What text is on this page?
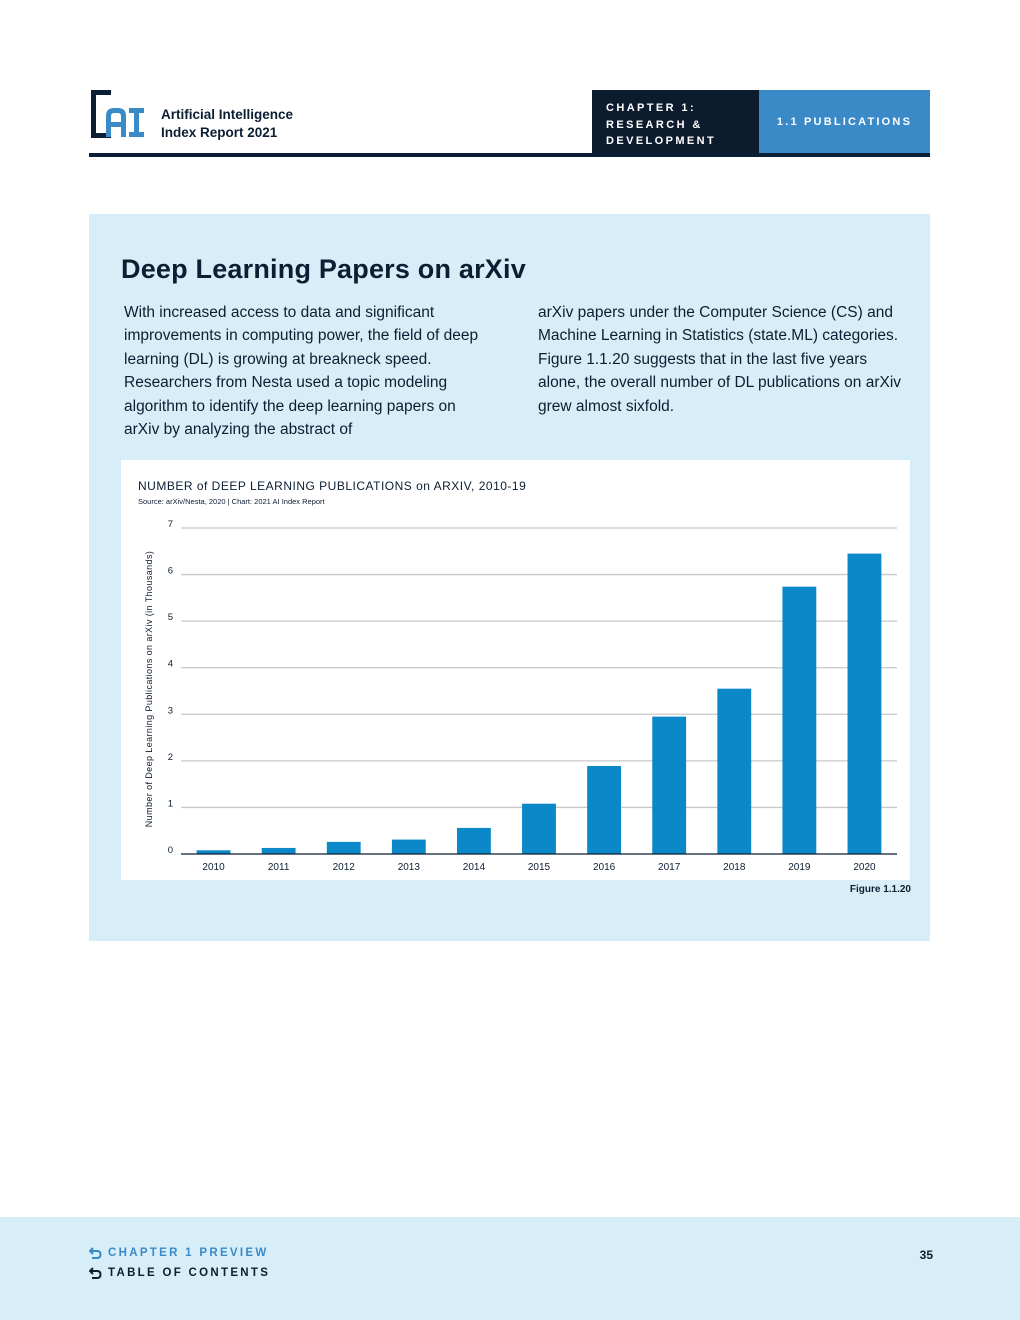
Artificial Intelligence
Index Report 2021
CHAPTER 1:
RESEARCH &
DEVELOPMENT
1.1 PUBLICATIONS
Deep Learning Papers on arXiv
With increased access to data and significant improvements in computing power, the field of deep learning (DL) is growing at breakneck speed. Researchers from Nesta used a topic modeling algorithm to identify the deep learning papers on arXiv by analyzing the abstract of
arXiv papers under the Computer Science (CS) and Machine Learning in Statistics (state.ML) categories. Figure 1.1.20 suggests that in the last five years alone, the overall number of DL publications on arXiv grew almost sixfold.
NUMBER of DEEP LEARNING PUBLICATIONS on ARXIV, 2010-19
Source: arXiv/Nesta, 2020 | Chart: 2021 AI Index Report
0
1
2
3
4
5
6
7
2010	2011	2012	2013	2014	2015	2016	2017	2018	2019	2020
Number of Deep Learning Publications on arXiv (in Thousands)
Figure 1.1.20
CHAPTER 1 PREVIEW
TABLE OF CONTENTS
35
